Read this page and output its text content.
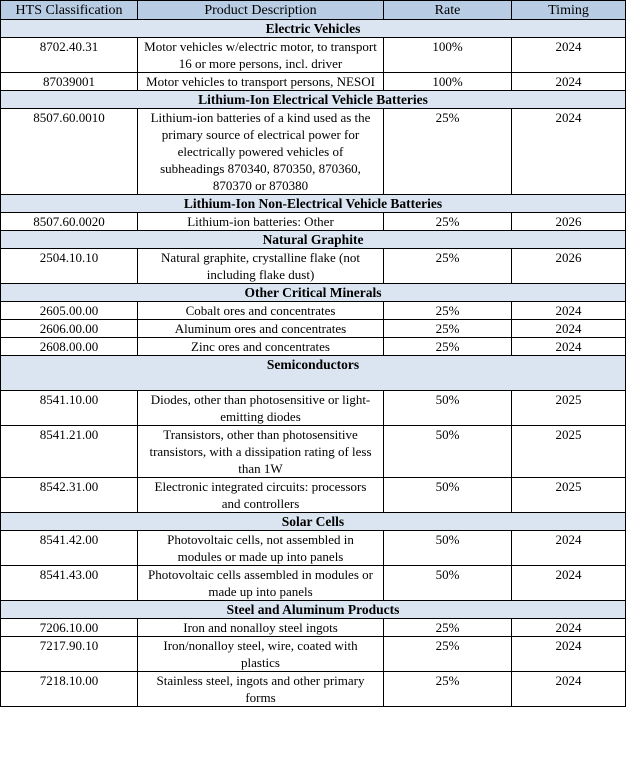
HTS Classification	Product Description	Rate	Timing
Electric Vehicles			
8702.40.31	Motor vehicles w/electric motor, to transport 16 or more persons, incl. driver	100%	2024
87039001	Motor vehicles to transport persons, NESOI	100%	2024
Lithium-Ion Electrical Vehicle Batteries			
8507.60.0010	Lithium-ion batteries of a kind used as the primary source of electrical power for electrically powered vehicles of subheadings 870340, 870350, 870360, 870370 or 870380	25%	2024
Lithium-Ion Non-Electrical Vehicle Batteries			
8507.60.0020	Lithium-ion batteries: Other	25%	2026
Natural Graphite			
2504.10.10	Natural graphite, crystalline flake (not including flake dust)	25%	2026
Other Critical Minerals			
2605.00.00	Cobalt ores and concentrates	25%	2024
2606.00.00	Aluminum ores and concentrates	25%	2024
2608.00.00	Zinc ores and concentrates	25%	2024
Semiconductors			
8541.10.00	Diodes, other than photosensitive or light-emitting diodes	50%	2025
8541.21.00	Transistors, other than photosensitive transistors, with a dissipation rating of less than 1W	50%	2025
8542.31.00	Electronic integrated circuits: processors and controllers	50%	2025
Solar Cells			
8541.42.00	Photovoltaic cells, not assembled in modules or made up into panels	50%	2024
8541.43.00	Photovoltaic cells assembled in modules or made up into panels	50%	2024
Steel and Aluminum Products			
7206.10.00	Iron and nonalloy steel ingots	25%	2024
7217.90.10	Iron/nonalloy steel, wire, coated with plastics	25%	2024
7218.10.00	Stainless steel, ingots and other primary forms	25%	2024
